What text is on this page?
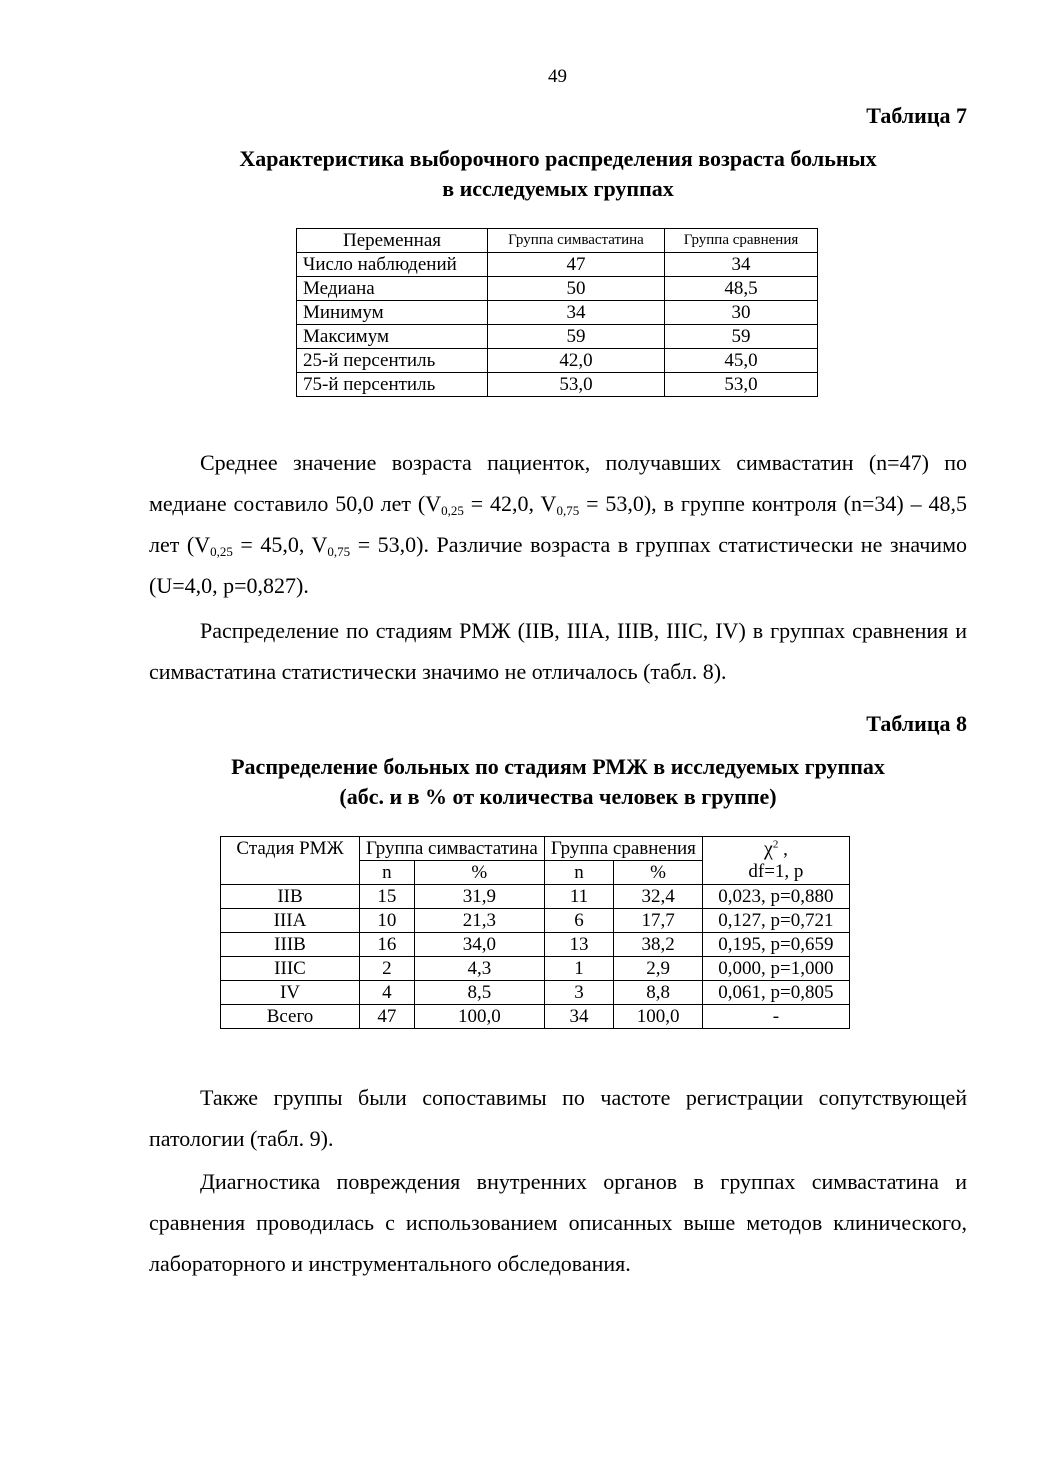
49
Таблица 7
Характеристика выборочного распределения возраста больных
в исследуемых группах
Переменная	Группа симвастатина	Группа сравнения
Число наблюдений	47	34
Медиана	50	48,5
Минимум	34	30
Максимум	59	59
25-й персентиль	42,0	45,0
75-й персентиль	53,0	53,0
Среднее значение возраста пациенток, получавших симвастатин (n=47) по медиане составило 50,0 лет ($V_{0,25} = 42,0$, $V_{0,75} = 53,0$), в группе контроля (n=34) – 48,5 лет ($V_{0,25} = 45,0$, $V_{0,75} = 53,0$). Различие возраста в группах статистически не значимо (U=4,0, p=0,827).
Распределение по стадиям РМЖ (IIB, IIIA, IIIB, IIIC, IV) в группах сравнения и симвастатина статистически значимо не отличалось (табл. 8).
Таблица 8
Распределение больных по стадиям РМЖ в исследуемых группах
(абс. и в % от количества человек в группе)
Стадия РМЖ	Группа симвастатина		Группа сравнения		$\chi^2$ ,
df=1, p
	n	%	n	%	
IIB	15	31,9	11	32,4	0,023, p=0,880
IIIA	10	21,3	6	17,7	0,127, p=0,721
IIIB	16	34,0	13	38,2	0,195, p=0,659
IIIC	2	4,3	1	2,9	0,000, p=1,000
IV	4	8,5	3	8,8	0,061, p=0,805
Всего	47	100,0	34	100,0	-
Также группы были сопоставимы по частоте регистрации сопутствующей патологии (табл. 9).
Диагностика повреждения внутренних органов в группах симвастатина и сравнения проводилась с использованием описанных выше методов клинического, лабораторного и инструментального обследования.
